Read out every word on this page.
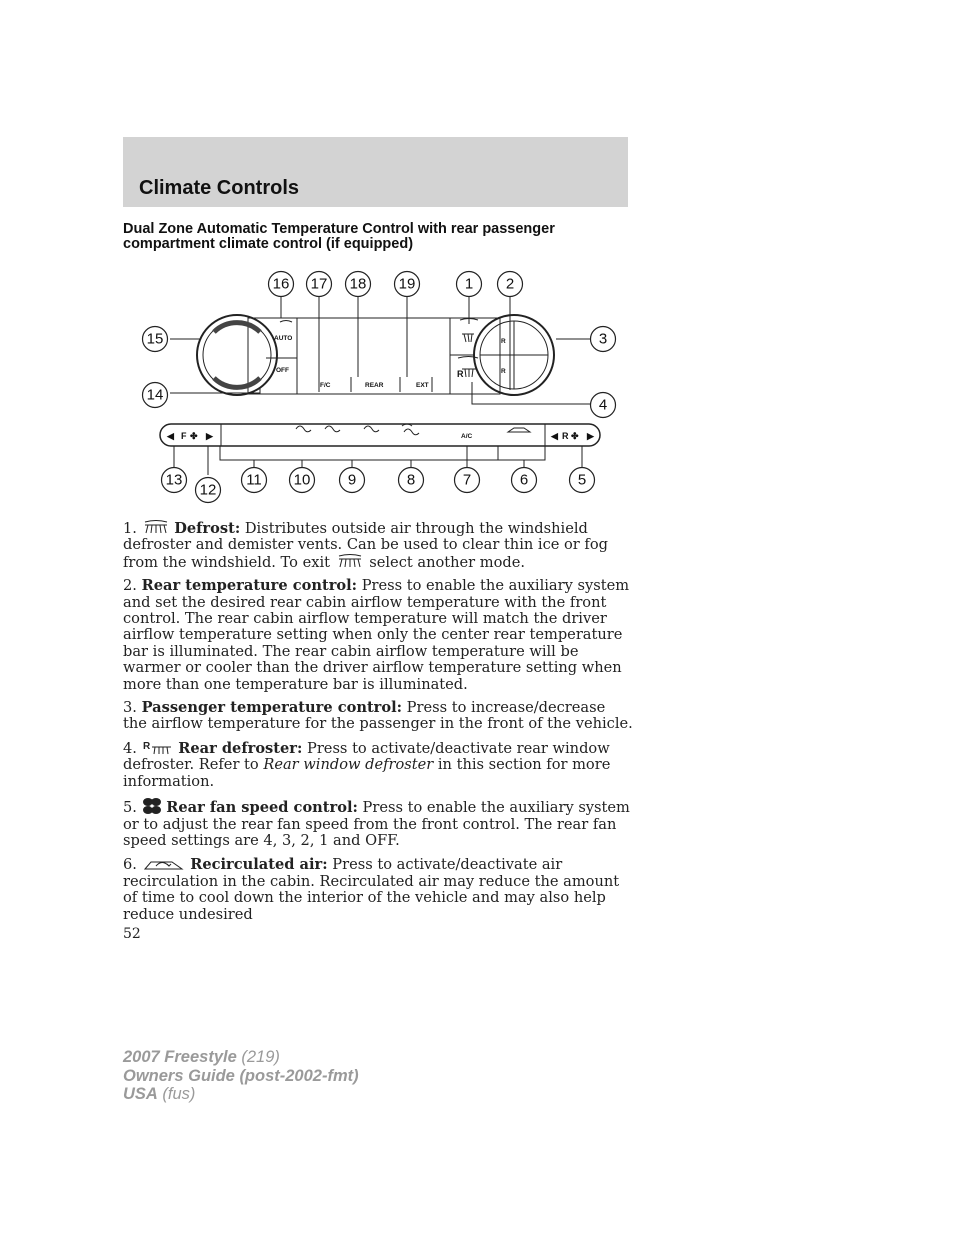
Climate Controls
Dual Zone Automatic Temperature Control with rear passenger compartment climate control (if equipped)
AUTO
OFF
F/C	REAR	EXT
R
R
A/C
R
◀ F ✤ ▶	◀ R ✤ ▶
16 17 18 19	1 2
15	3
14
4
13
12
11 10 9	8	7	6	5

1.	Defrost: Distributes outside air through the windshield defroster and demister vents. Can be used to clear thin ice or fog from the windshield. To exit  select another mode.

2. Rear temperature control: Press to enable the auxiliary system and set the desired rear cabin airflow temperature with the front control. The rear cabin airflow temperature will match the driver airflow temperature setting when only the center rear temperature bar is illuminated. The rear cabin airflow temperature will be warmer or cooler than the driver airflow temperature setting when more than one temperature bar is illuminated.

3. Passenger temperature control: Press to increase/decrease the airflow temperature for the passenger in the front of the vehicle.

4. R Rear defroster: Press to activate/deactivate rear window defroster. Refer to Rear window defroster in this section for more information.

5. Rear fan speed control: Press to enable the auxiliary system or to adjust the rear fan speed from the front control. The rear fan speed settings are 4, 3, 2, 1 and OFF.

6.	Recirculated air: Press to activate/deactivate air recirculation in the cabin. Recirculated air may reduce the amount of time to cool down the interior of the vehicle and may also help reduce undesired

52
2007 Freestyle (219)
Owners Guide (post-2002-fmt)
USA (fus)
